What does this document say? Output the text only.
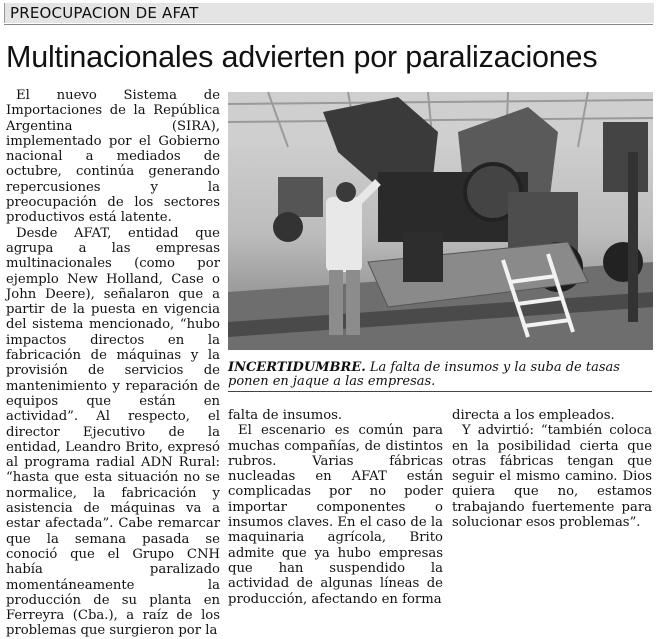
PREOCUPACION DE AFAT
Multinacionales advierten por paralizaciones

El nuevo Sistema de Importaciones de la República Argentina (SIRA), implementado por el Gobierno nacional a mediados de octubre, continúa generando repercusiones y la preocupación de los sectores productivos está latente.

Desde AFAT, entidad que agrupa a las empresas multinacionales (como por ejemplo New Holland, Case o John Deere), señalaron que a partir de la puesta en vigencia del sistema mencionado, “hubo impactos directos en la fabricación de máquinas y la provisión de servicios de mantenimiento y reparación de equipos que están en actividad”. Al respecto, el director Ejecutivo de la entidad, Leandro Brito, expresó al programa radial ADN Rural: “hasta que esta situación no se normalice, la fabricación y asistencia de máquinas va a estar afectada”. Cabe remarcar que la semana pasada se conoció que el Grupo CNH había paralizado momentáneamente la producción de su planta en Ferreyra (Cba.), a raíz de los problemas que surgieron por la

INCERTIDUMBRE. La falta de insumos y la suba de tasas ponen en jaque a las empresas.

falta de insumos.

El escenario es común para muchas compañías, de distintos rubros. Varias fábricas nucleadas en AFAT están complicadas por no poder importar componentes o insumos claves. En el caso de la maquinaria agrícola, Brito admite que ya hubo empresas que han suspendido la actividad de algunas líneas de producción, afectando en forma

directa a los empleados.

Y advirtió: “también coloca en la posibilidad cierta que otras fábricas tengan que seguir el mismo camino. Dios quiera que no, estamos trabajando fuertemente para solucionar esos problemas”.
